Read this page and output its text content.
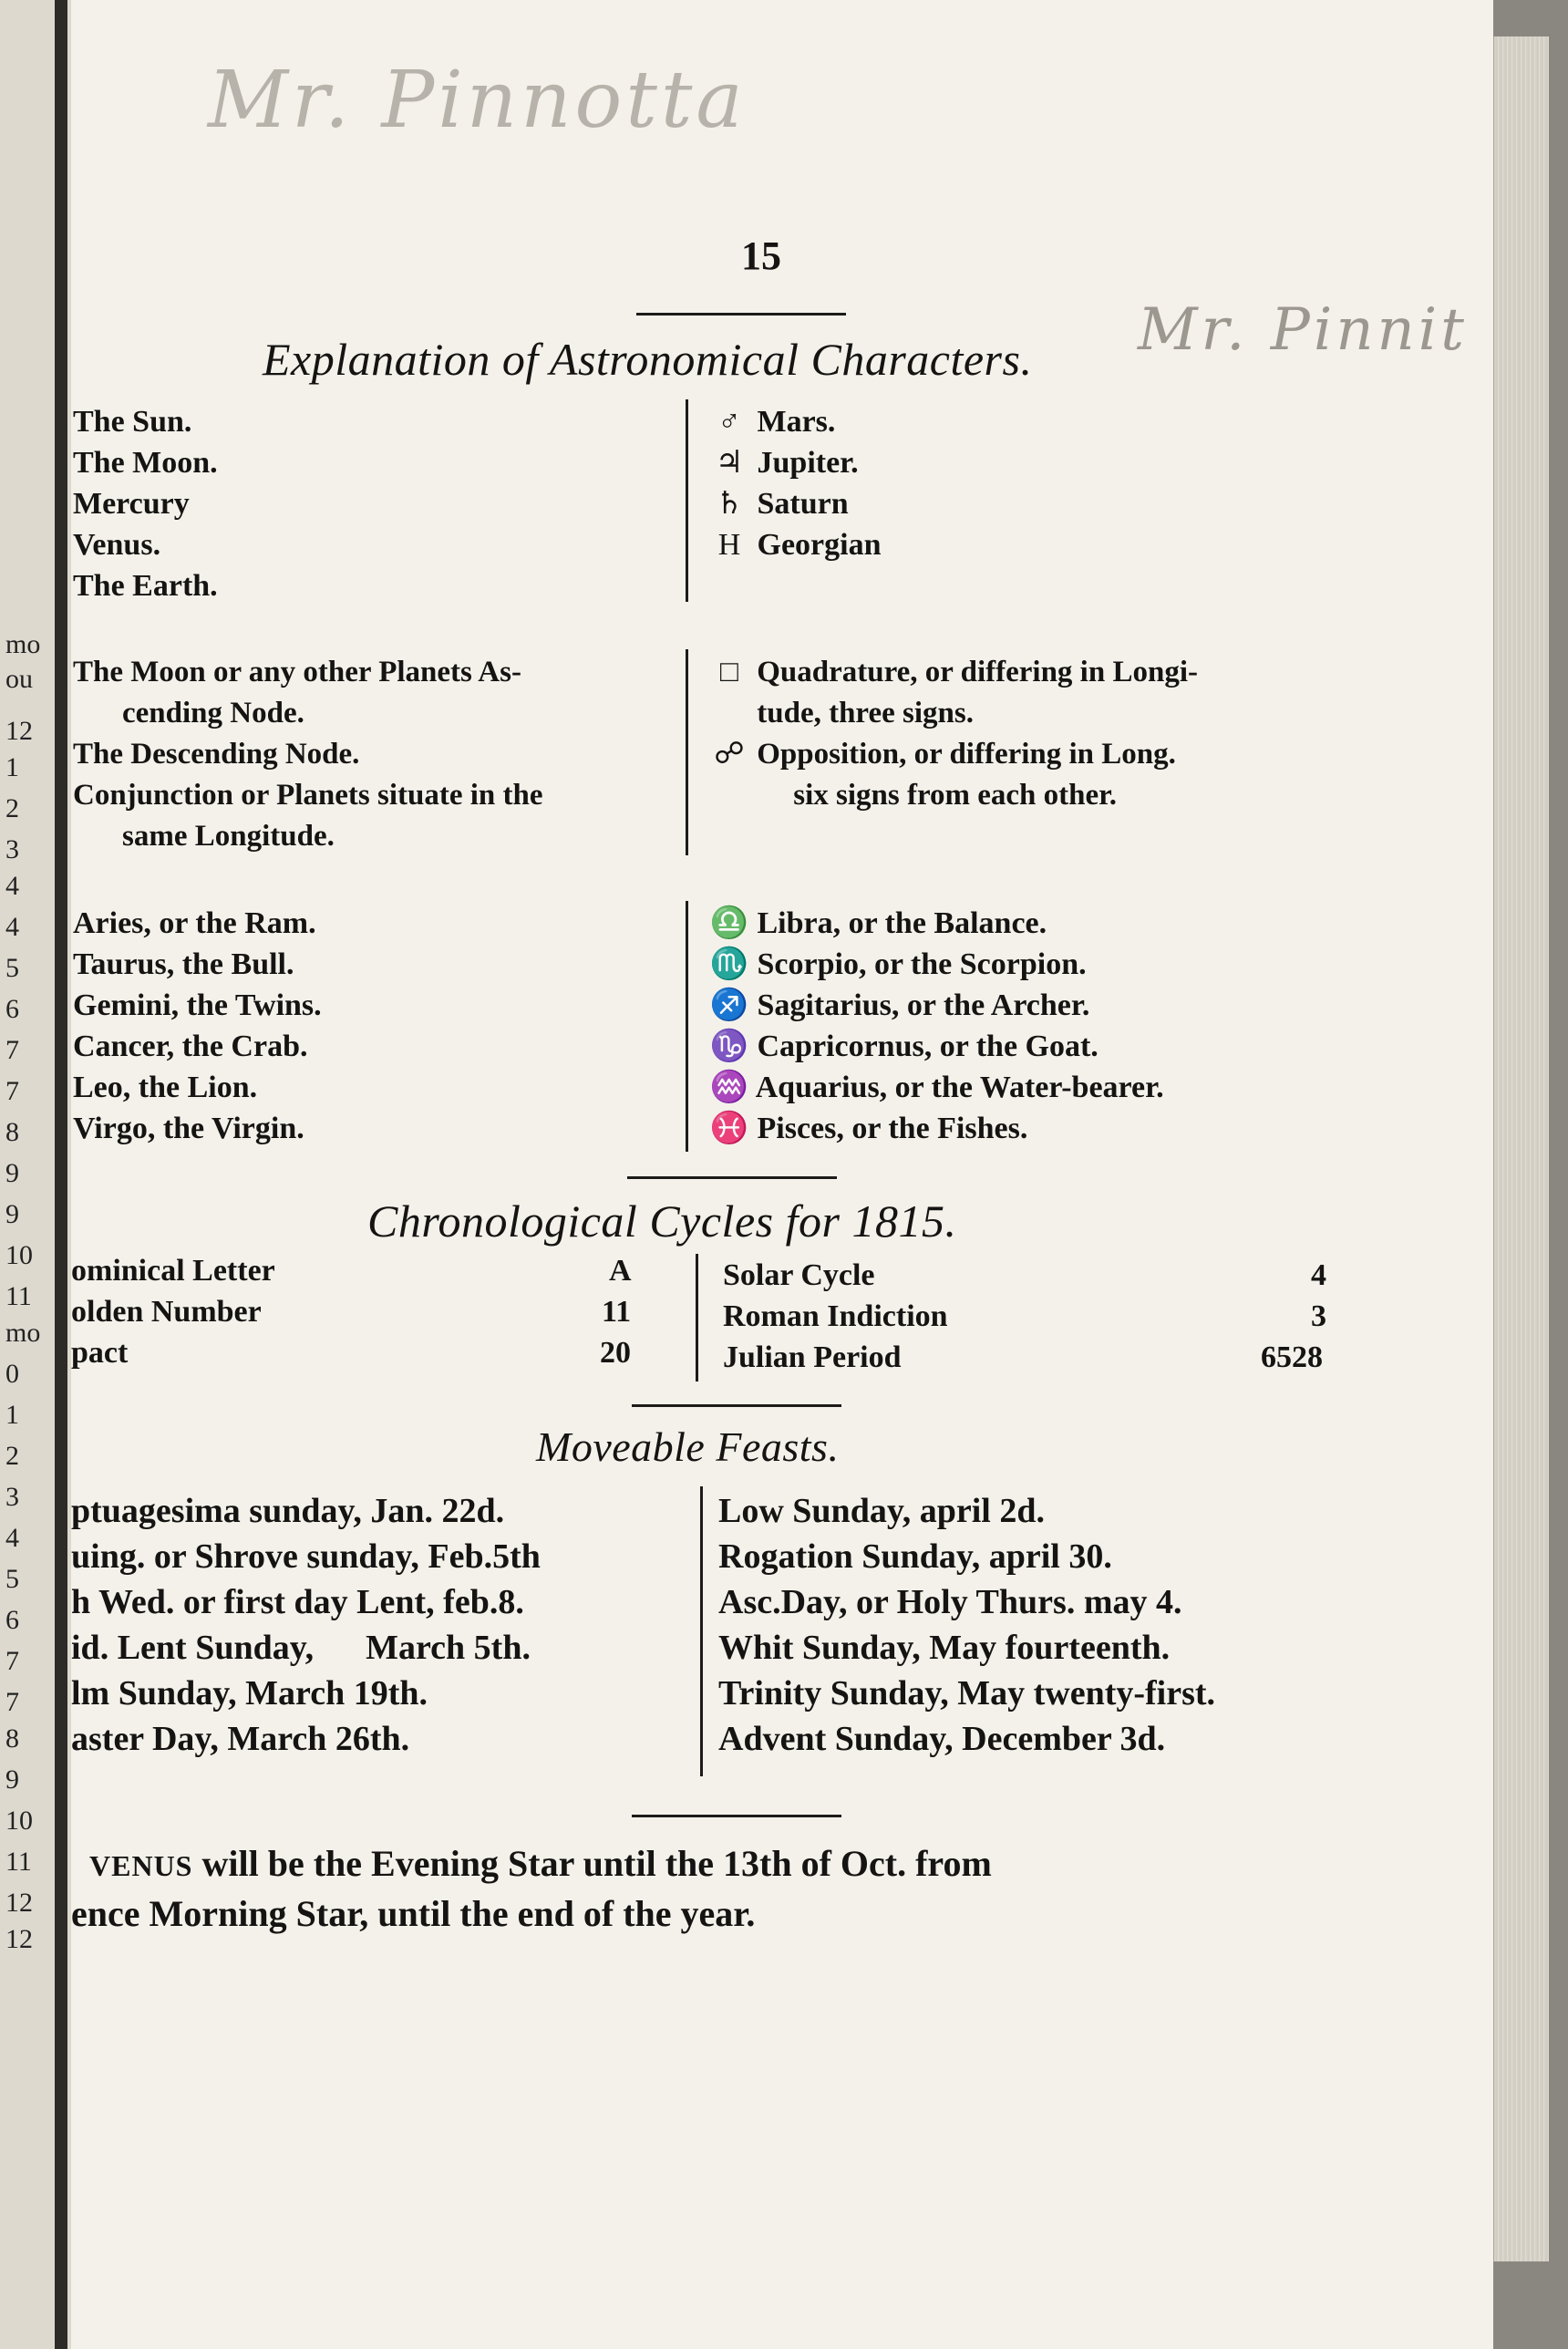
mo
ou
12
1
2
3
4
4
5
6
7
7
8
9
9
10
11
mo
0
1
2
3
4
5
6
7
7
8
9
10
11
12
12
Mr. Pinnotta
Mr. Pinnit
15
Explanation of Astronomical Characters.
The Sun.
The Moon.
Mercury
Venus.
The Earth.
♂ Mars.
♃ Jupiter.
♄ Saturn
H Georgian
The Moon or any other Planets As-
cending Node.
The Descending Node.
Conjunction or Planets situate in the
same Longitude.
□ Quadrature, or differing in Longi-
tude, three signs.
☍ Opposition, or differing in Long.
six signs from each other.
Aries, or the Ram.
Taurus, the Bull.
Gemini, the Twins.
Cancer, the Crab.
Leo, the Lion.
Virgo, the Virgin.
♎ Libra, or the Balance.
♏ Scorpio, or the Scorpion.
♐ Sagitarius, or the Archer.
♑ Capricornus, or the Goat.
♒ Aquarius, or the Water-bearer.
♓ Pisces, or the Fishes.
Chronological Cycles for 1815.
ominical Letter	A
olden Number	11
pact	20
Solar Cycle	4
Roman Indiction	3
Julian Period	6528
Moveable Feasts.
ptuagesima sunday, Jan. 22d.
uing. or Shrove sunday, Feb.5th
h Wed. or first day Lent, feb.8.
id. Lent Sunday,      March 5th.
lm Sunday, March 19th.
aster Day, March 26th.
Low Sunday, april 2d.
Rogation Sunday, april 30.
Asc.Day, or Holy Thurs. may 4.
Whit Sunday, May fourteenth.
Trinity Sunday, May twenty-first.
Advent Sunday, December 3d.
VENUS will be the Evening Star until the 13th of Oct. from
ence Morning Star, until the end of the year.
